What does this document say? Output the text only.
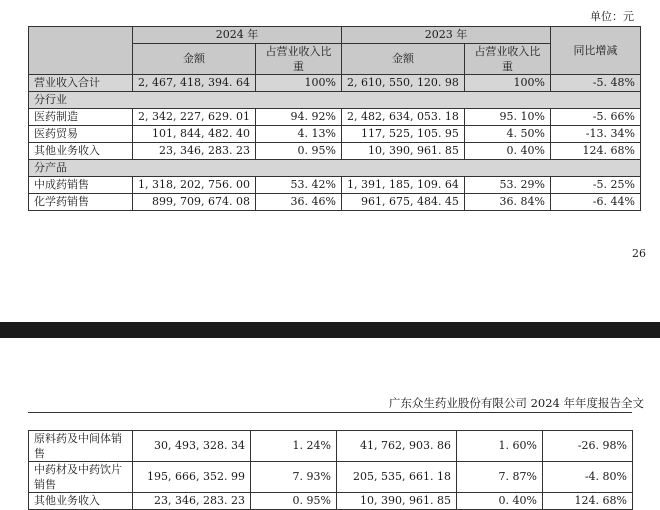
单位：元
	2024 年		2023 年		同比增减
	金额	占营业收入比重	金额	占营业收入比重	
营业收入合计	2, 467, 418, 394. 64	100%	2, 610, 550, 120. 98	100%	-5. 48%
分行业					
医药制造	2, 342, 227, 629. 01	94. 92%	2, 482, 634, 053. 18	95. 10%	-5. 66%
医药贸易	101, 844, 482. 40	4. 13%	117, 525, 105. 95	4. 50%	-13. 34%
其他业务收入	23, 346, 283. 23	0. 95%	10, 390, 961. 85	0. 40%	124. 68%
分产品					
中成药销售	1, 318, 202, 756. 00	53. 42%	1, 391, 185, 109. 64	53. 29%	-5. 25%
化学药销售	899, 709, 674. 08	36. 46%	961, 675, 484. 45	36. 84%	-6. 44%
26
广东众生药业股份有限公司 2024 年年度报告全文
原料药及中间体销售	30, 493, 328. 34	1. 24%	41, 762, 903. 86	1. 60%	-26. 98%
中药材及中药饮片销售	195, 666, 352. 99	7. 93%	205, 535, 661. 18	7. 87%	-4. 80%
其他业务收入	23, 346, 283. 23	0. 95%	10, 390, 961. 85	0. 40%	124. 68%
